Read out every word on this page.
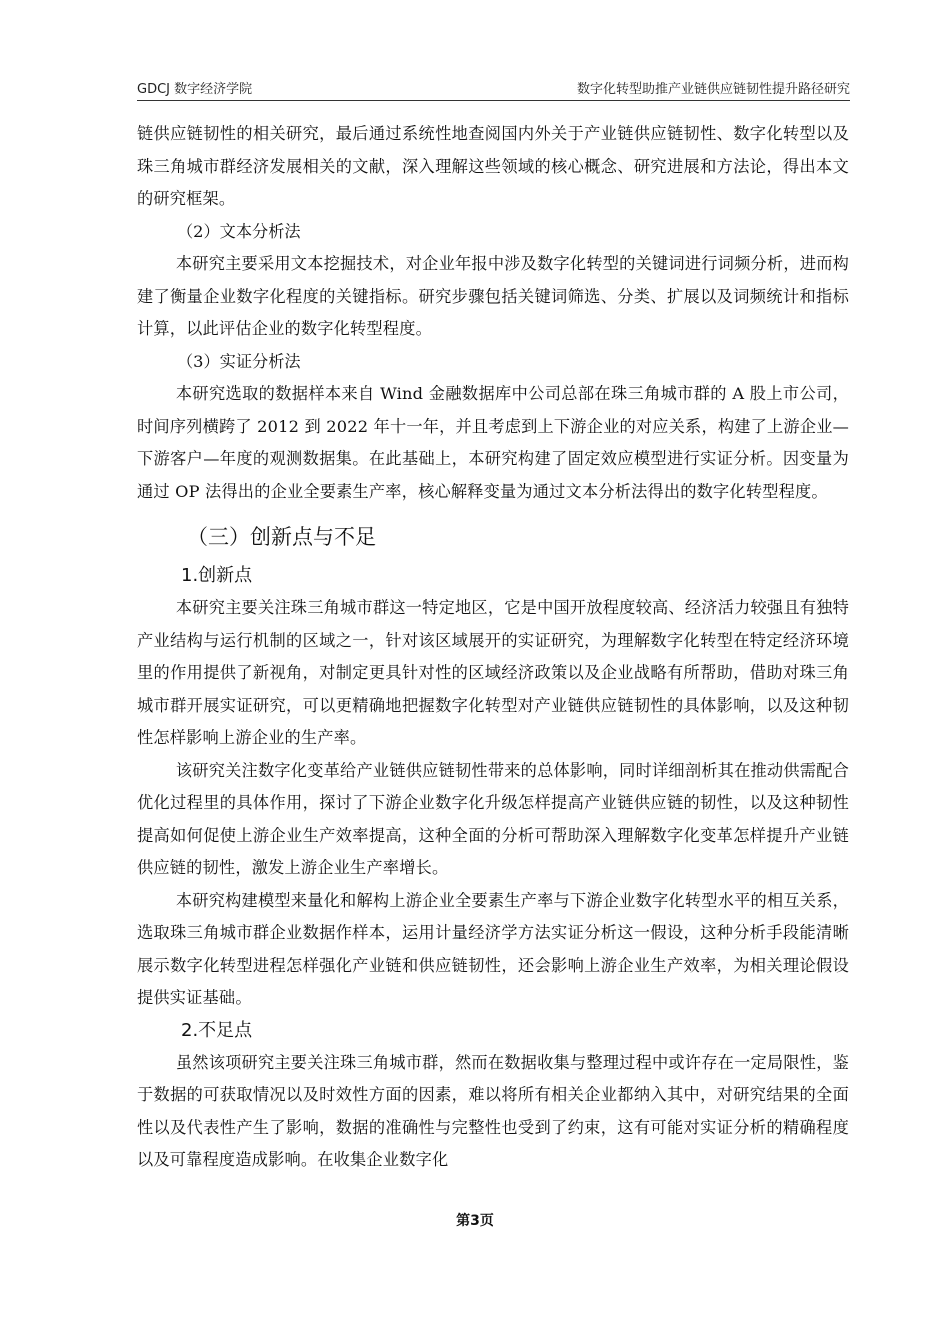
GDCJ 数字经济学院	数字化转型助推产业链供应链韧性提升路径研究

链供应链韧性的相关研究，最后通过系统性地查阅国内外关于产业链供应链韧性、数字化转型以及珠三角城市群经济发展相关的文献，深入理解这些领域的核心概念、研究进展和方法论，得出本文的研究框架。

（2）文本分析法

本研究主要采用文本挖掘技术，对企业年报中涉及数字化转型的关键词进行词频分析，进而构建了衡量企业数字化程度的关键指标。研究步骤包括关键词筛选、分类、扩展以及词频统计和指标计算，以此评估企业的数字化转型程度。

（3）实证分析法

本研究选取的数据样本来自 Wind 金融数据库中公司总部在珠三角城市群的 A 股上市公司，时间序列横跨了 2012 到 2022 年十一年，并且考虑到上下游企业的对应关系，构建了上游企业—下游客户—年度的观测数据集。在此基础上，本研究构建了固定效应模型进行实证分析。因变量为通过 OP 法得出的企业全要素生产率，核心解释变量为通过文本分析法得出的数字化转型程度。

（三）创新点与不足
1.创新点

本研究主要关注珠三角城市群这一特定地区，它是中国开放程度较高、经济活力较强且有独特产业结构与运行机制的区域之一，针对该区域展开的实证研究，为理解数字化转型在特定经济环境里的作用提供了新视角，对制定更具针对性的区域经济政策以及企业战略有所帮助，借助对珠三角城市群开展实证研究，可以更精确地把握数字化转型对产业链供应链韧性的具体影响，以及这种韧性怎样影响上游企业的生产率。

该研究关注数字化变革给产业链供应链韧性带来的总体影响，同时详细剖析其在推动供需配合优化过程里的具体作用，探讨了下游企业数字化升级怎样提高产业链供应链的韧性，以及这种韧性提高如何促使上游企业生产效率提高，这种全面的分析可帮助深入理解数字化变革怎样提升产业链供应链的韧性，激发上游企业生产率增长。

本研究构建模型来量化和解构上游企业全要素生产率与下游企业数字化转型水平的相互关系，选取珠三角城市群企业数据作样本，运用计量经济学方法实证分析这一假设，这种分析手段能清晰展示数字化转型进程怎样强化产业链和供应链韧性，还会影响上游企业生产效率，为相关理论假设提供实证基础。

2.不足点

虽然该项研究主要关注珠三角城市群，然而在数据收集与整理过程中或许存在一定局限性，鉴于数据的可获取情况以及时效性方面的因素，难以将所有相关企业都纳入其中，对研究结果的全面性以及代表性产生了影响，数据的准确性与完整性也受到了约束，这有可能对实证分析的精确程度以及可靠程度造成影响。在收集企业数字化

第3页
